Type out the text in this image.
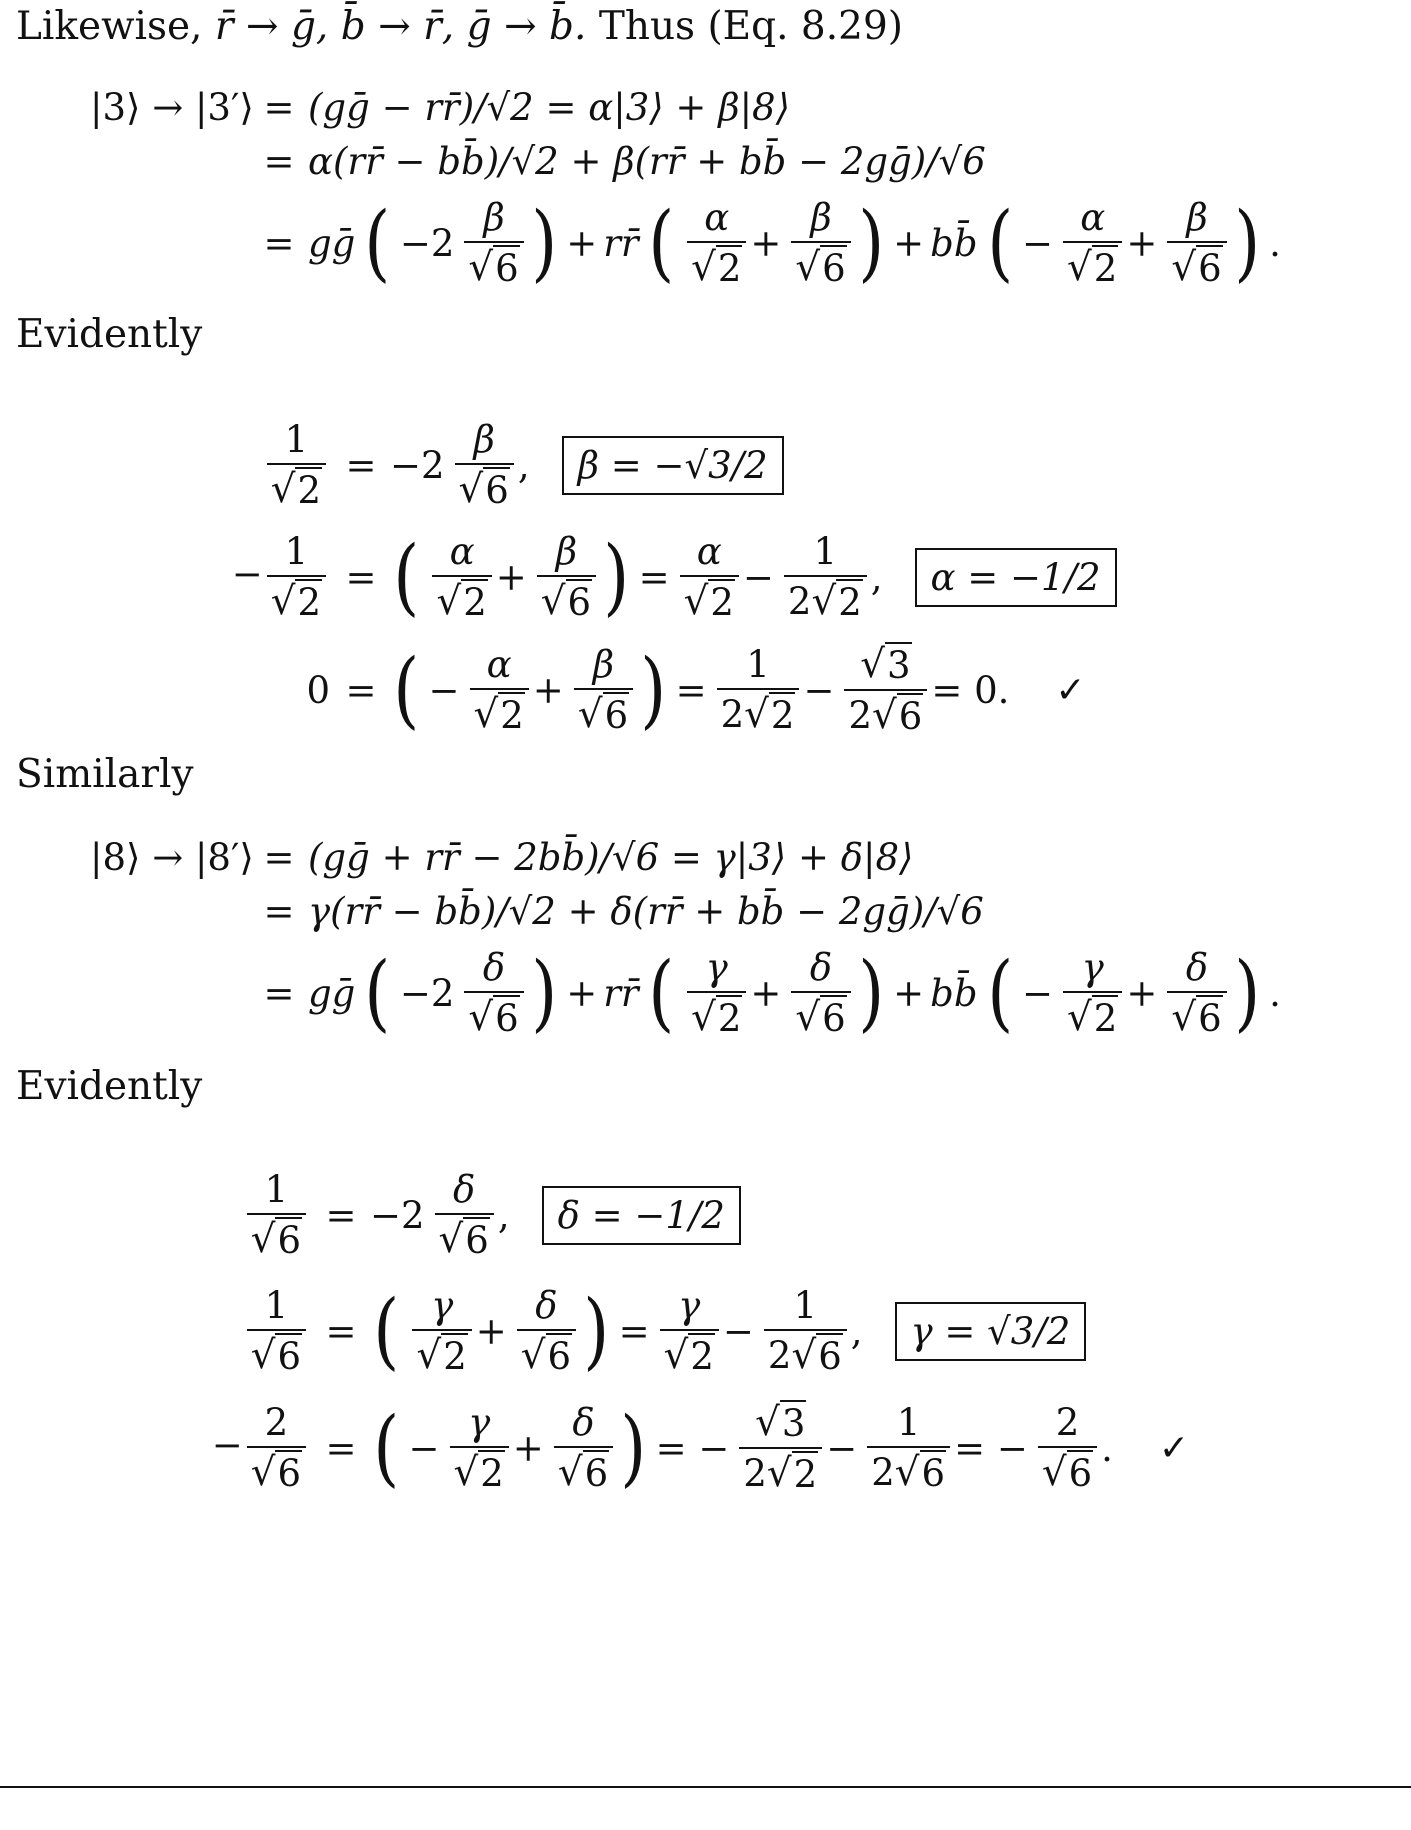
Likewise, r̄ → ḡ, b̄ → r̄, ḡ → b̄. Thus (Eq. 8.29)
|3⟩ → |3′⟩ = (gḡ − rr̄)/√2 = α|3⟩ + β|8⟩
= α(rr̄ − bb̄)/√2 + β(rr̄ + bb̄ − 2gḡ)/√6
= gḡ ( $-2 \frac{\beta}{√ 6}$ ) + rr̄ ( $\frac{\alpha}{√ 2} + \frac{\beta}{√ 6}$ ) + bb̄ ( − $\frac{\alpha}{√ 2} + \frac{\beta}{√ 6}$ ) .
Evidently
$\frac{1}{√ 2} = -2 \frac{\beta}{√ 6}$ ,	β = −√3/2
− $\frac{1}{√ 2}$ = ( $\frac{\alpha}{√ 2} + \frac{\beta}{√ 6}$ ) = $\frac{\alpha}{√ 2} - \frac{1}{2 √ 2}$ ,	α = −1/2
0 = ( − $\frac{\alpha}{√ 2} + \frac{\beta}{√ 6}$ ) = $\frac{1}{2 √ 2} - \frac{√ 3}{2 √ 6} = 0$. ✓
Similarly
|8⟩ → |8′⟩ = (gḡ + rr̄ − 2bb̄)/√6 = γ|3⟩ + δ|8⟩
= γ(rr̄ − bb̄)/√2 + δ(rr̄ + bb̄ − 2gḡ)/√6
= gḡ ( $-2 \frac{\delta}{√ 6}$ ) + rr̄ ( $\frac{\gamma}{√ 2} + \frac{\delta}{√ 6}$ ) + bb̄ ( − $\frac{\gamma}{√ 2} + \frac{\delta}{√ 6}$ ) .
Evidently
$\frac{1}{√ 6} = -2 \frac{\delta}{√ 6}$ ,	δ = −1/2
$\frac{1}{√ 6}$ = ( $\frac{\gamma}{√ 2} + \frac{\delta}{√ 6}$ ) = $\frac{\gamma}{√ 2} - \frac{1}{2 √ 6}$ ,	γ = √3/2
− $\frac{2}{√ 6}$ = ( − $\frac{\gamma}{√ 2} + \frac{\delta}{√ 6}$ ) = − $\frac{√ 3}{2 √ 2} - \frac{1}{2 √ 6}$ = − $\frac{2}{√ 6}$ . ✓
